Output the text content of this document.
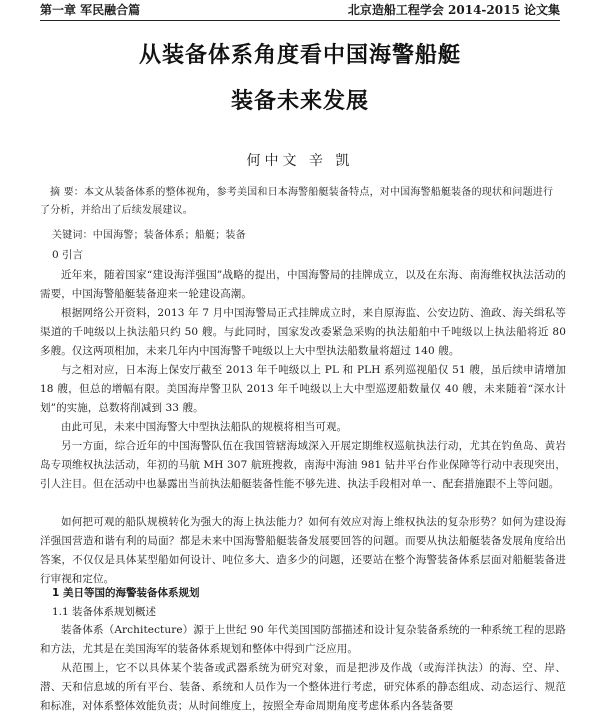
第一章 军民融合篇	北京造船工程学会 2014-2015 论文集
从装备体系角度看中国海警船艇
装备未来发展
何中文 辛 凯
摘 要：本文从装备体系的整体视角，参考美国和日本海警船艇装备特点，对中国海警船艇装备的现状和问题进行了分析，并给出了后续发展建议。
关键词：中国海警；装备体系；船艇；装备
0 引言
近年来，随着国家“建设海洋强国”战略的提出，中国海警局的挂牌成立，以及在东海、南海维权执法活动的需要，中国海警船艇装备迎来一轮建设高潮。
根据网络公开资料，2013 年 7 月中国海警局正式挂牌成立时，来自原海监、公安边防、渔政、海关缉私等渠道的千吨级以上执法船只约 50 艘。与此同时，国家发改委紧急采购的执法船舶中千吨级以上执法船将近 80 多艘。仅这两项相加，未来几年内中国海警千吨级以上大中型执法船数量将超过 140 艘。
与之相对应，日本海上保安厅截至 2013 年千吨级以上 PL 和 PLH 系列巡视船仅 51 艘，虽后续申请增加 18 艘，但总的增幅有限。美国海岸警卫队 2013 年千吨级以上大中型巡逻船数量仅 40 艘，未来随着“深水计划”的实施，总数将削减到 33 艘。
由此可见，未来中国海警大中型执法船队的规模将相当可观。
另一方面，综合近年的中国海警队伍在我国管辖海域深入开展定期维权巡航执法行动，尤其在钓鱼岛、黄岩岛专项维权执法活动，年初的马航 MH 307 航班搜救，南海中海油 981 钻井平台作业保障等行动中表现突出，引人注目。但在活动中也暴露出当前执法船艇装备性能不够先进、执法手段相对单一、配套措施跟不上等问题。
如何把可观的船队规模转化为强大的海上执法能力？如何有效应对海上维权执法的复杂形势？如何为建设海洋强国营造和谐有利的局面？都是未来中国海警船艇装备发展要回答的问题。而要从执法船艇装备发展角度给出答案，不仅仅是具体某型船如何设计、吨位多大、造多少的问题，还要站在整个海警装备体系层面对船艇装备进行审视和定位。
1 美日等国的海警装备体系规划
1.1 装备体系规划概述
装备体系（Architecture）源于上世纪 90 年代美国国防部描述和设计复杂装备系统的一种系统工程的思路和方法，尤其是在美国海军的装备体系规划和整体中得到广泛应用。
从范围上，它不以具体某个装备或武器系统为研究对象，而是把涉及作战（或海洋执法）的海、空、岸、潜、天和信息域的所有平台、装备、系统和人员作为一个整体进行考虑，研究体系的静态组成、动态运行、规范和标准，对体系整体效能负责；从时间维度上，按照全寿命周期角度考虑体系内各装备要
